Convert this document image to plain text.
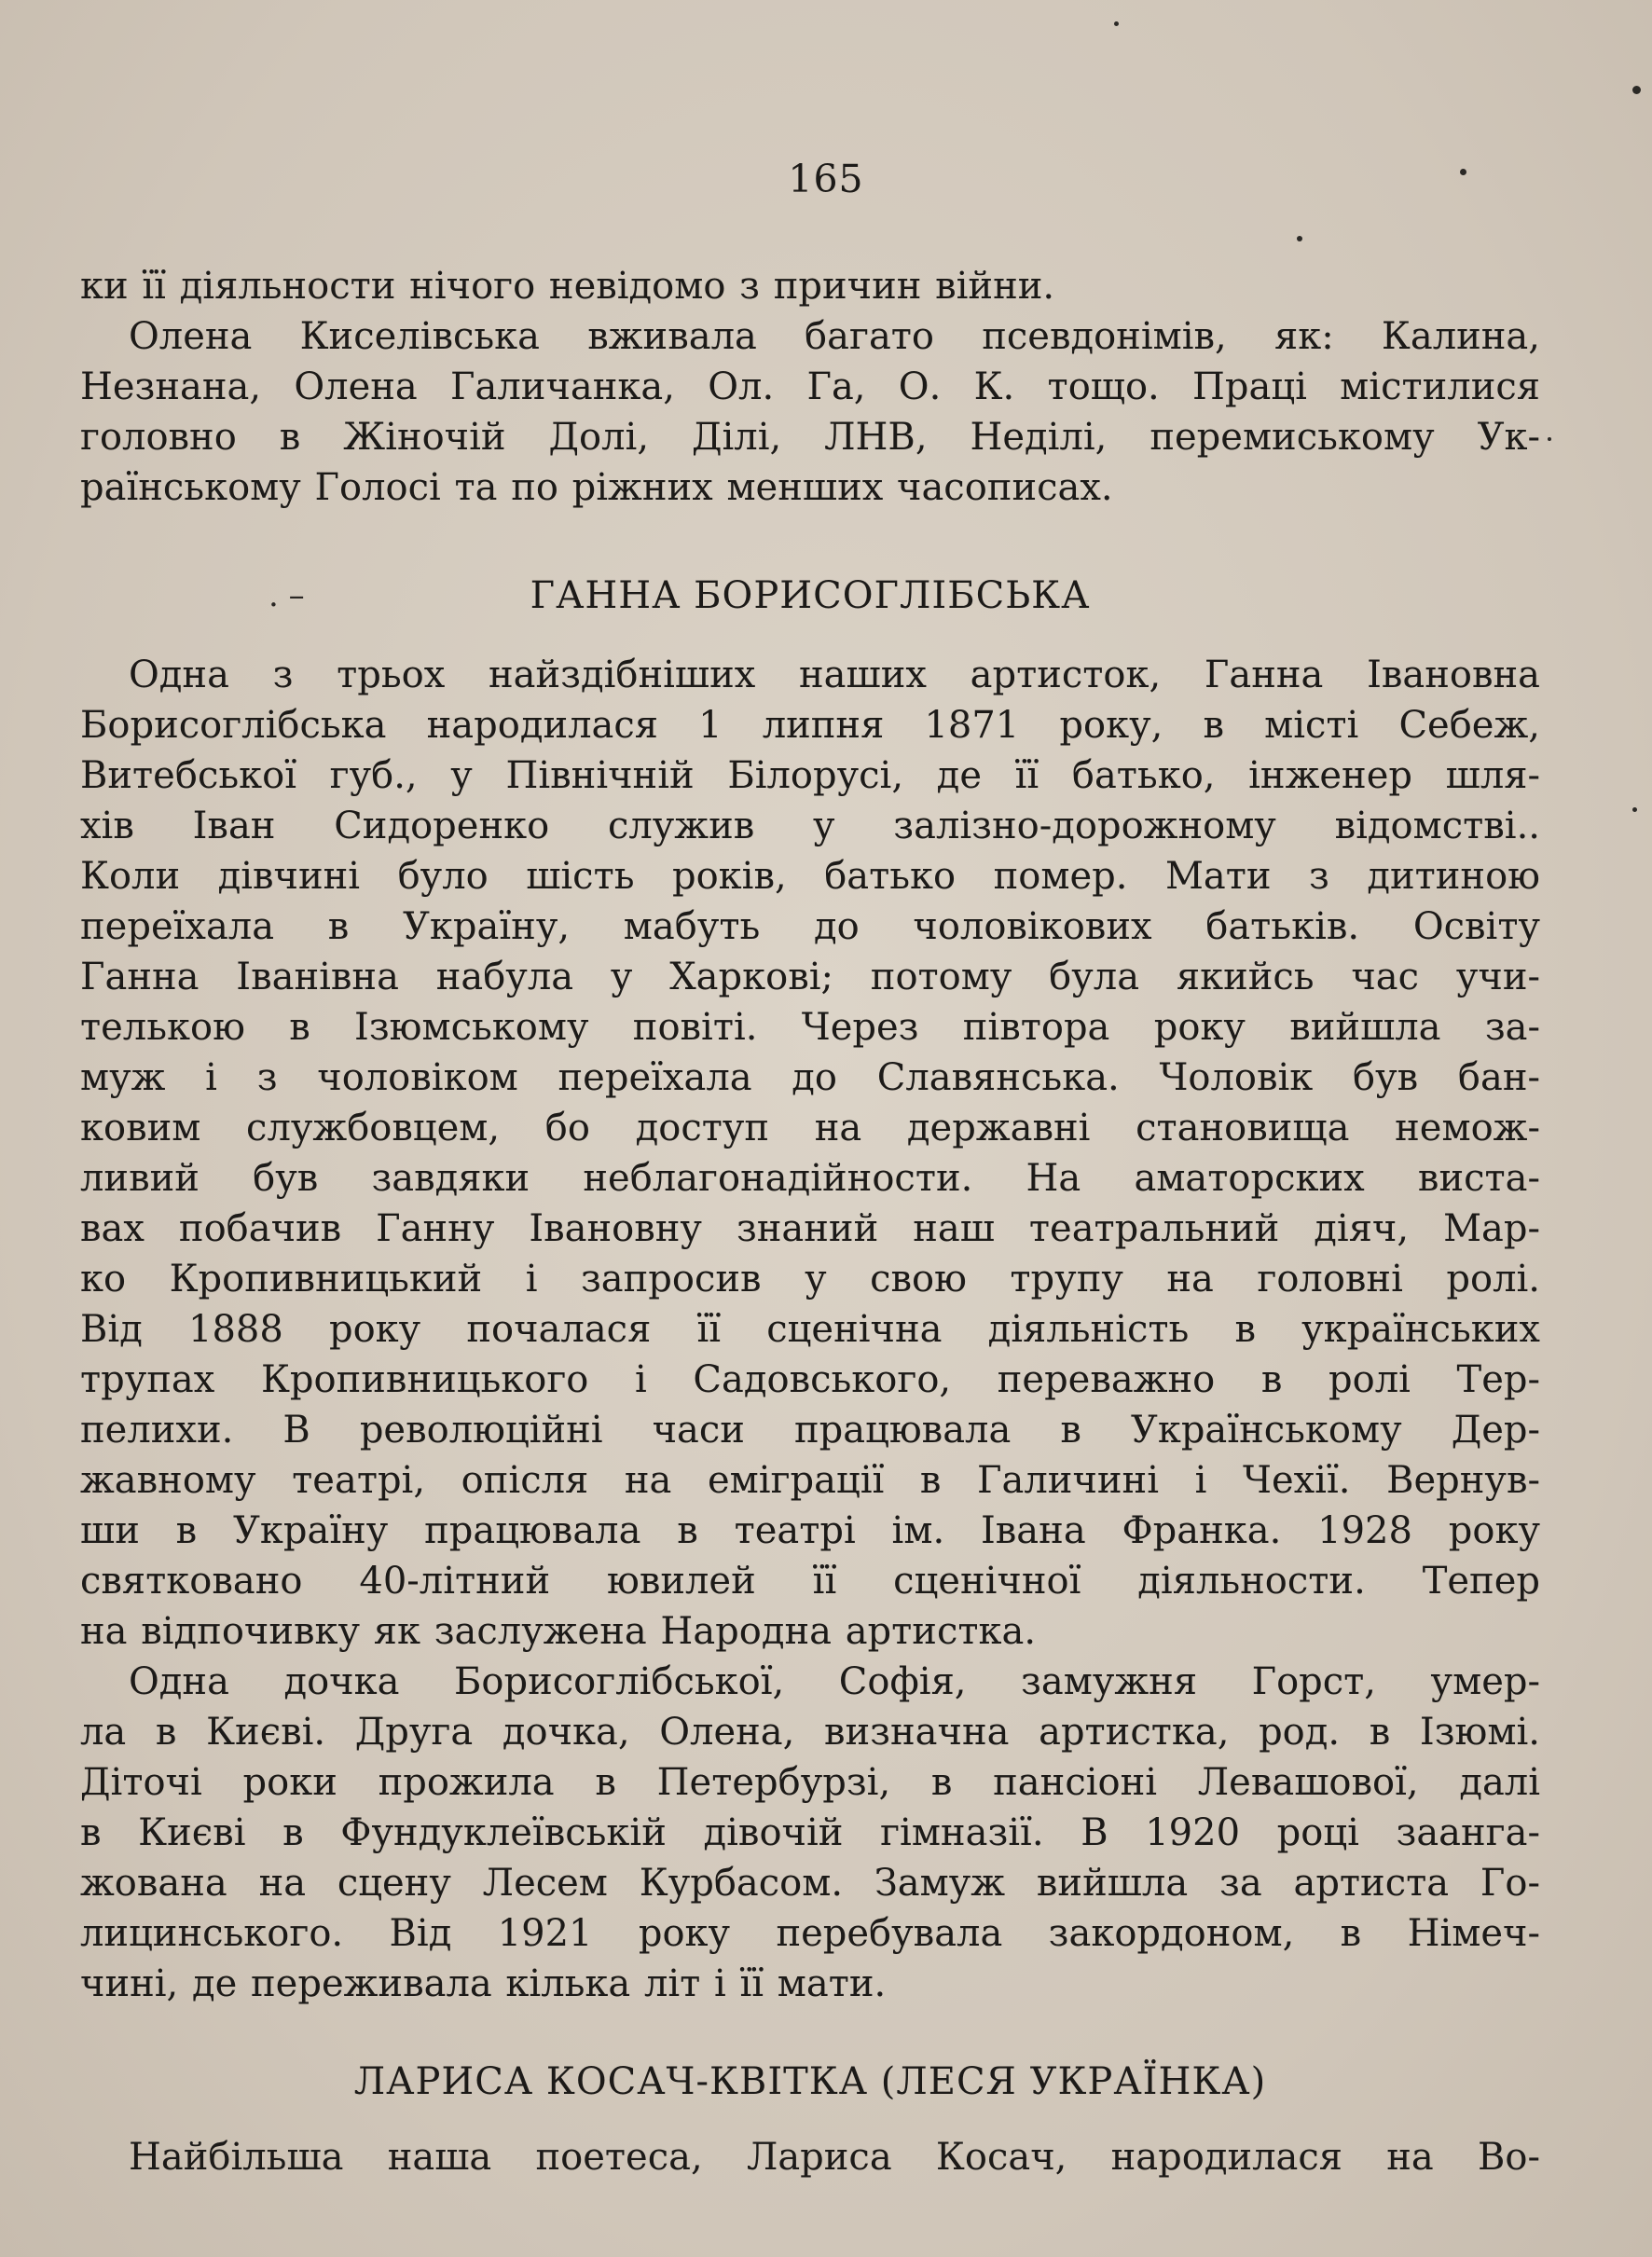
165

ки її діяльности нічого невідомо з причин війни.

Олена Киселівська вживала багато псевдонімів, як: Калина,
Незнана, Олена Галичанка, Ол. Га, О. К. тощо. Праці містилися
головно в Жіночій Долі, Ділі, ЛНВ, Неділі, перемиському Ук-
раїнському Голосі та по ріжних менших часописах.

. –	ГАННА БОРИСОГЛІБСЬКА

Одна з трьох найздібніших наших артисток, Ганна Івановна
Борисоглібська народилася 1 липня 1871 року, в місті Себеж,
Витебської губ., у Північній Білорусі, де її батько, інженер шля-
хів Іван Сидоренко служив у залізно-дорожному відомстві..
Коли дівчині було шість років, батько помер. Мати з дитиною
переїхала в Україну, мабуть до чоловікових батьків. Освіту
Ганна Іванівна набула у Харкові; потому була якийсь час учи-
телькою в Ізюмському повіті. Через півтора року вийшла за-
муж і з чоловіком переїхала до Славянська. Чоловік був бан-
ковим службовцем, бо доступ на державні становища немож-
ливий був завдяки неблагонадійности. На аматорских виста-
вах побачив Ганну Івановну знаний наш театральний діяч, Мар-
ко Кропивницький і запросив у свою трупу на головні ролі.
Від 1888 року почалася її сценічна діяльність в українських
трупах Кропивницького і Садовського, переважно в ролі Тер-
пелихи. В революційні часи працювала в Українському Дер-
жавному театрі, опісля на еміграції в Галичині і Чехії. Вернув-
ши в Україну працювала в театрі ім. Івана Франка. 1928 року
святковано 40-літний ювилей її сценічної діяльности. Тепер
на відпочивку як заслужена Народна артистка.

Одна дочка Борисоглібської, Софія, замужня Горст, умер-
ла в Києві. Друга дочка, Олена, визначна артистка, род. в Ізюмі.
Діточі роки прожила в Петербурзі, в пансіоні Левашової, далі
в Києві в Фундуклеївській дівочій гімназії. В 1920 році заанга-
жована на сцену Лесем Курбасом. Замуж вийшла за артиста Го-
лицинського. Від 1921 року перебувала закордоном, в Німеч-
чині, де переживала кілька літ і її мати.

ЛАРИСА КОСАЧ-КВІТКА (ЛЕСЯ УКРАЇНКА)

Найбільша наша поетеса, Лариса Косач, народилася на Во-
